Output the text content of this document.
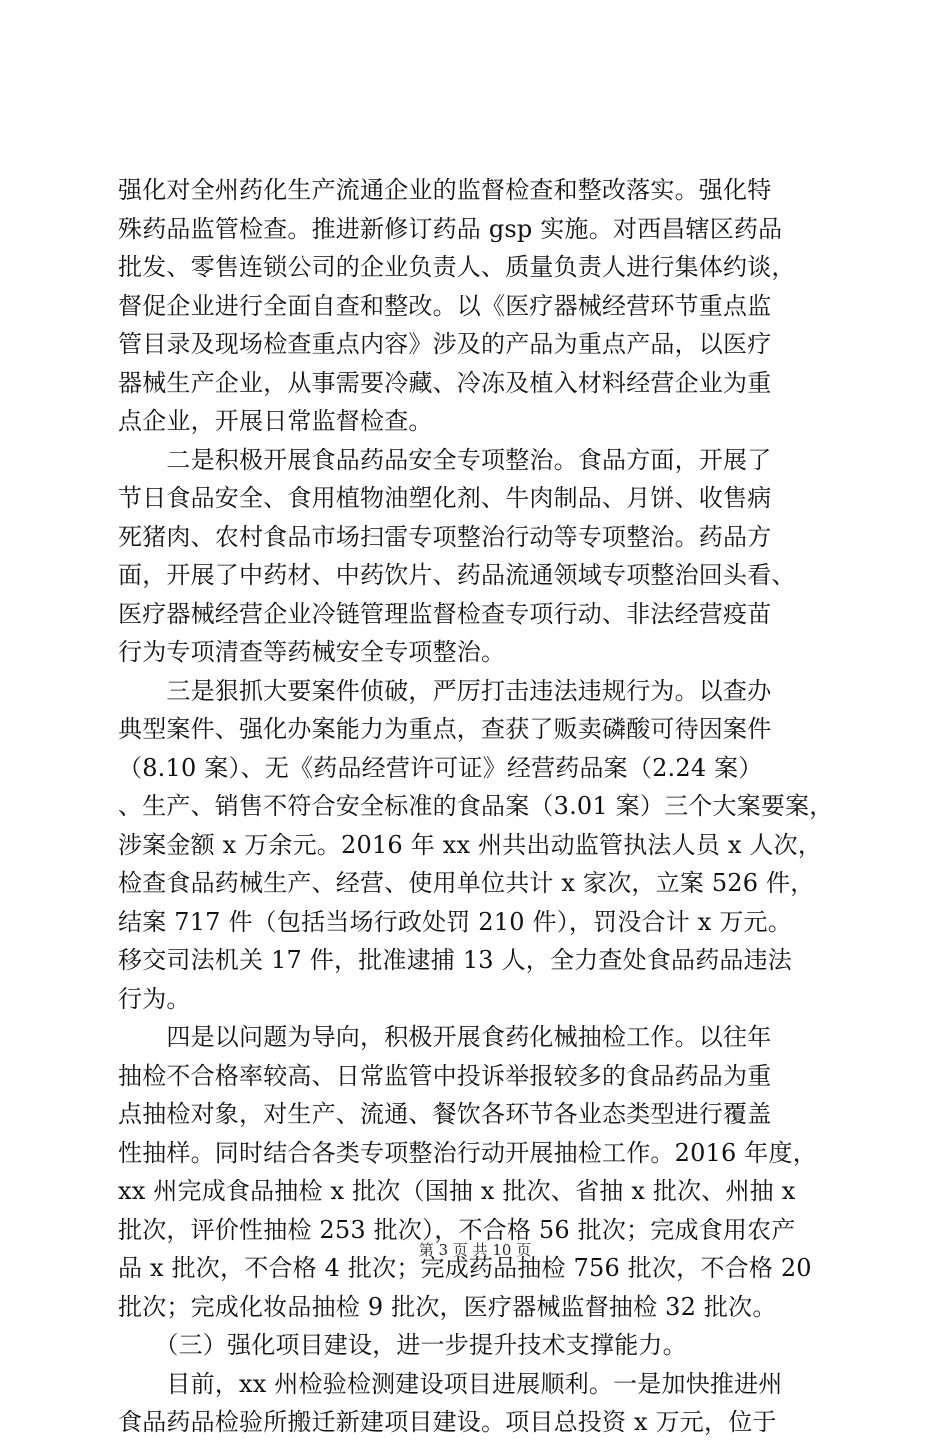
强化对全州药化生产流通企业的监督检查和整改落实。强化特
殊药品监管检查。推进新修订药品 gsp 实施。对西昌辖区药品
批发、零售连锁公司的企业负责人、质量负责人进行集体约谈，
督促企业进行全面自查和整改。以《医疗器械经营环节重点监
管目录及现场检查重点内容》涉及的产品为重点产品，以医疗
器械生产企业，从事需要冷藏、冷冻及植入材料经营企业为重
点企业，开展日常监督检查。
　　二是积极开展食品药品安全专项整治。食品方面，开展了
节日食品安全、食用植物油塑化剂、牛肉制品、月饼、收售病
死猪肉、农村食品市场扫雷专项整治行动等专项整治。药品方
面，开展了中药材、中药饮片、药品流通领域专项整治回头看、
医疗器械经营企业冷链管理监督检查专项行动、非法经营疫苗
行为专项清查等药械安全专项整治。
　　三是狠抓大要案件侦破，严厉打击违法违规行为。以查办
典型案件、强化办案能力为重点，查获了贩卖磷酸可待因案件
（8.10 案）、无《药品经营许可证》经营药品案（2.24 案）
、生产、销售不符合安全标准的食品案（3.01 案）三个大案要案，
涉案金额 x 万余元。2016 年 xx 州共出动监管执法人员 x 人次，
检查食品药械生产、经营、使用单位共计 x 家次，立案 526 件，
结案 717 件（包括当场行政处罚 210 件），罚没合计 x 万元。
移交司法机关 17 件，批准逮捕 13 人，全力查处食品药品违法
行为。
　　四是以问题为导向，积极开展食药化械抽检工作。以往年
抽检不合格率较高、日常监管中投诉举报较多的食品药品为重
点抽检对象，对生产、流通、餐饮各环节各业态类型进行覆盖
性抽样。同时结合各类专项整治行动开展抽检工作。2016 年度，
xx 州完成食品抽检 x 批次（国抽 x 批次、省抽 x 批次、州抽 x
批次，评价性抽检 253 批次），不合格 56 批次；完成食用农产
品 x 批次，不合格 4 批次；完成药品抽检 756 批次，不合格 20
批次；完成化妆品抽检 9 批次，医疗器械监督抽检 32 批次。
　　（三）强化项目建设，进一步提升技术支撑能力。
　　目前，xx 州检验检测建设项目进展顺利。一是加快推进州
食品药品检验所搬迁新建项目建设。项目总投资 x 万元，位于
第 3 页 共 10 页
